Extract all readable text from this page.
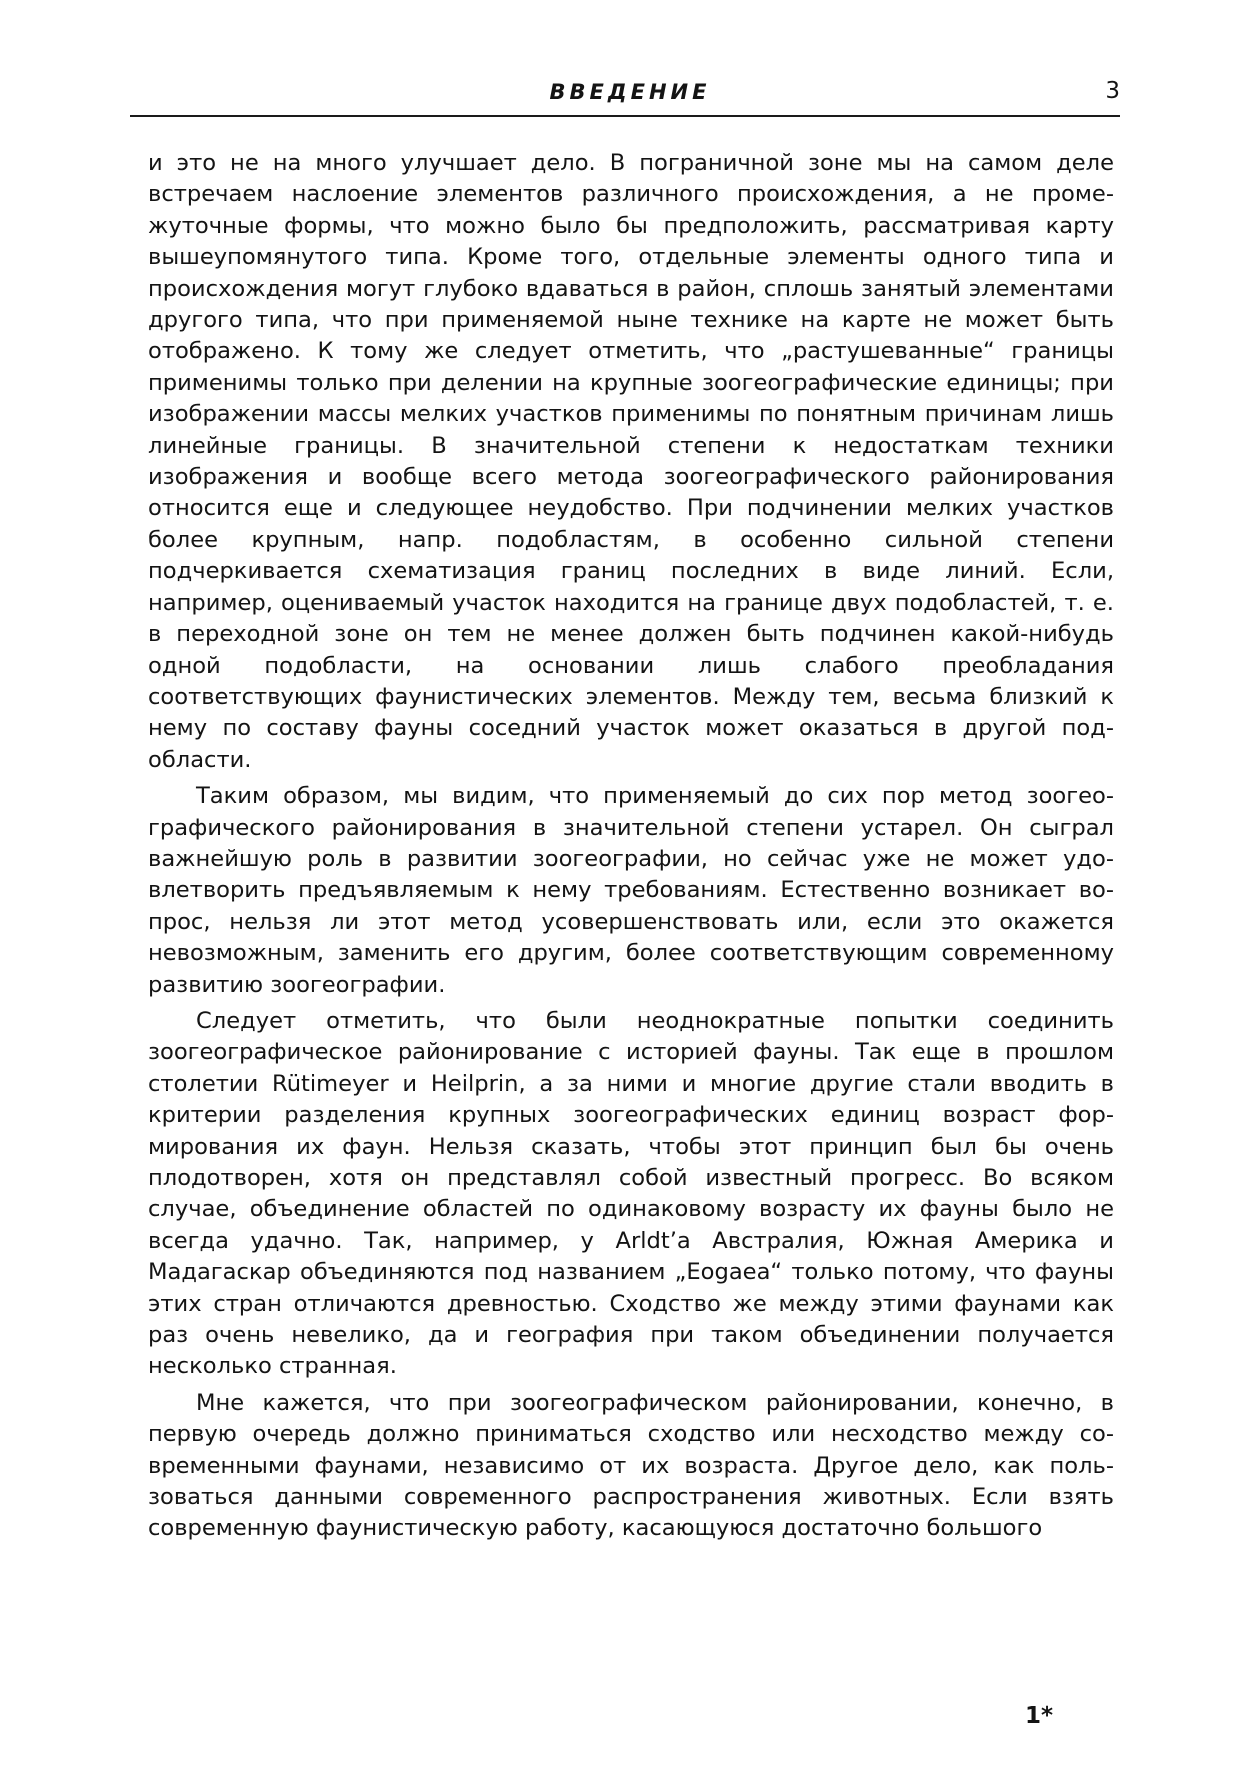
ВВЕДЕНИЕ	3

и это не на много улучшает дело. В пограничной зоне мы на самом деле встречаем наслоение элементов различного происхождения, а не промежуточные формы, что можно было бы предположить, рассматривая карту вышеупомянутого типа. Кроме того, отдельные элементы одного типа и происхождения могут глубоко вдаваться в район, сплошь занятый элементами другого типа, что при применяемой ныне технике на карте не может быть отображено. К тому же следует отметить, что „растушеванные“ границы применимы только при делении на крупные зоогеографические единицы; при изображении массы мелких участков применимы по понятным причинам лишь линейные границы. В значительной степени к недостаткам техники изображения и вообще всего метода зоогеографического районирования относится еще и следующее неудобство. При подчинении мелких участков более крупным, напр. подобластям, в особенно сильной степени подчеркивается схематизация границ последних в виде линий. Если, например, оцениваемый участок находится на границе двух подобластей, т. е. в переходной зоне он тем не менее должен быть подчинен какой-нибудь одной подобласти, на основании лишь слабого преобладания соответствующих фаунистических элементов. Между тем, весьма близкий к нему по составу фауны соседний участок может оказаться в другой подобласти.

Таким образом, мы видим, что применяемый до сих пор метод зоогеографического районирования в значительной степени устарел. Он сыграл важнейшую роль в развитии зоогеографии, но сейчас уже не может удовлетворить предъявляемым к нему требованиям. Естественно возникает вопрос, нельзя ли этот метод усовершенствовать или, если это окажется невозможным, заменить его другим, более соответствующим современному развитию зоогеографии.

Следует отметить, что были неоднократные попытки соединить зоогеографическое районирование с историей фауны. Так еще в прошлом столетии Rütimeyer и Heilprin, а за ними и многие другие стали вводить в критерии разделения крупных зоогеографических единиц возраст формирования их фаун. Нельзя сказать, чтобы этот принцип был бы очень плодотворен, хотя он представлял собой известный прогресс. Во всяком случае, объединение областей по одинаковому возрасту их фауны было не всегда удачно. Так, например, у Arldt’a Австралия, Южная Америка и Мадагаскар объединяются под названием „Eogaea“ только потому, что фауны этих стран отличаются древностью. Сходство же между этими фаунами как раз очень невелико, да и география при таком объединении получается несколько странная.

Мне кажется, что при зоогеографическом районировании, конечно, в первую очередь должно приниматься сходство или несходство между современными фаунами, независимо от их возраста. Другое дело, как пользоваться данными современного распространения животных. Если взять современную фаунистическую работу, касающуюся достаточно большого

1*
